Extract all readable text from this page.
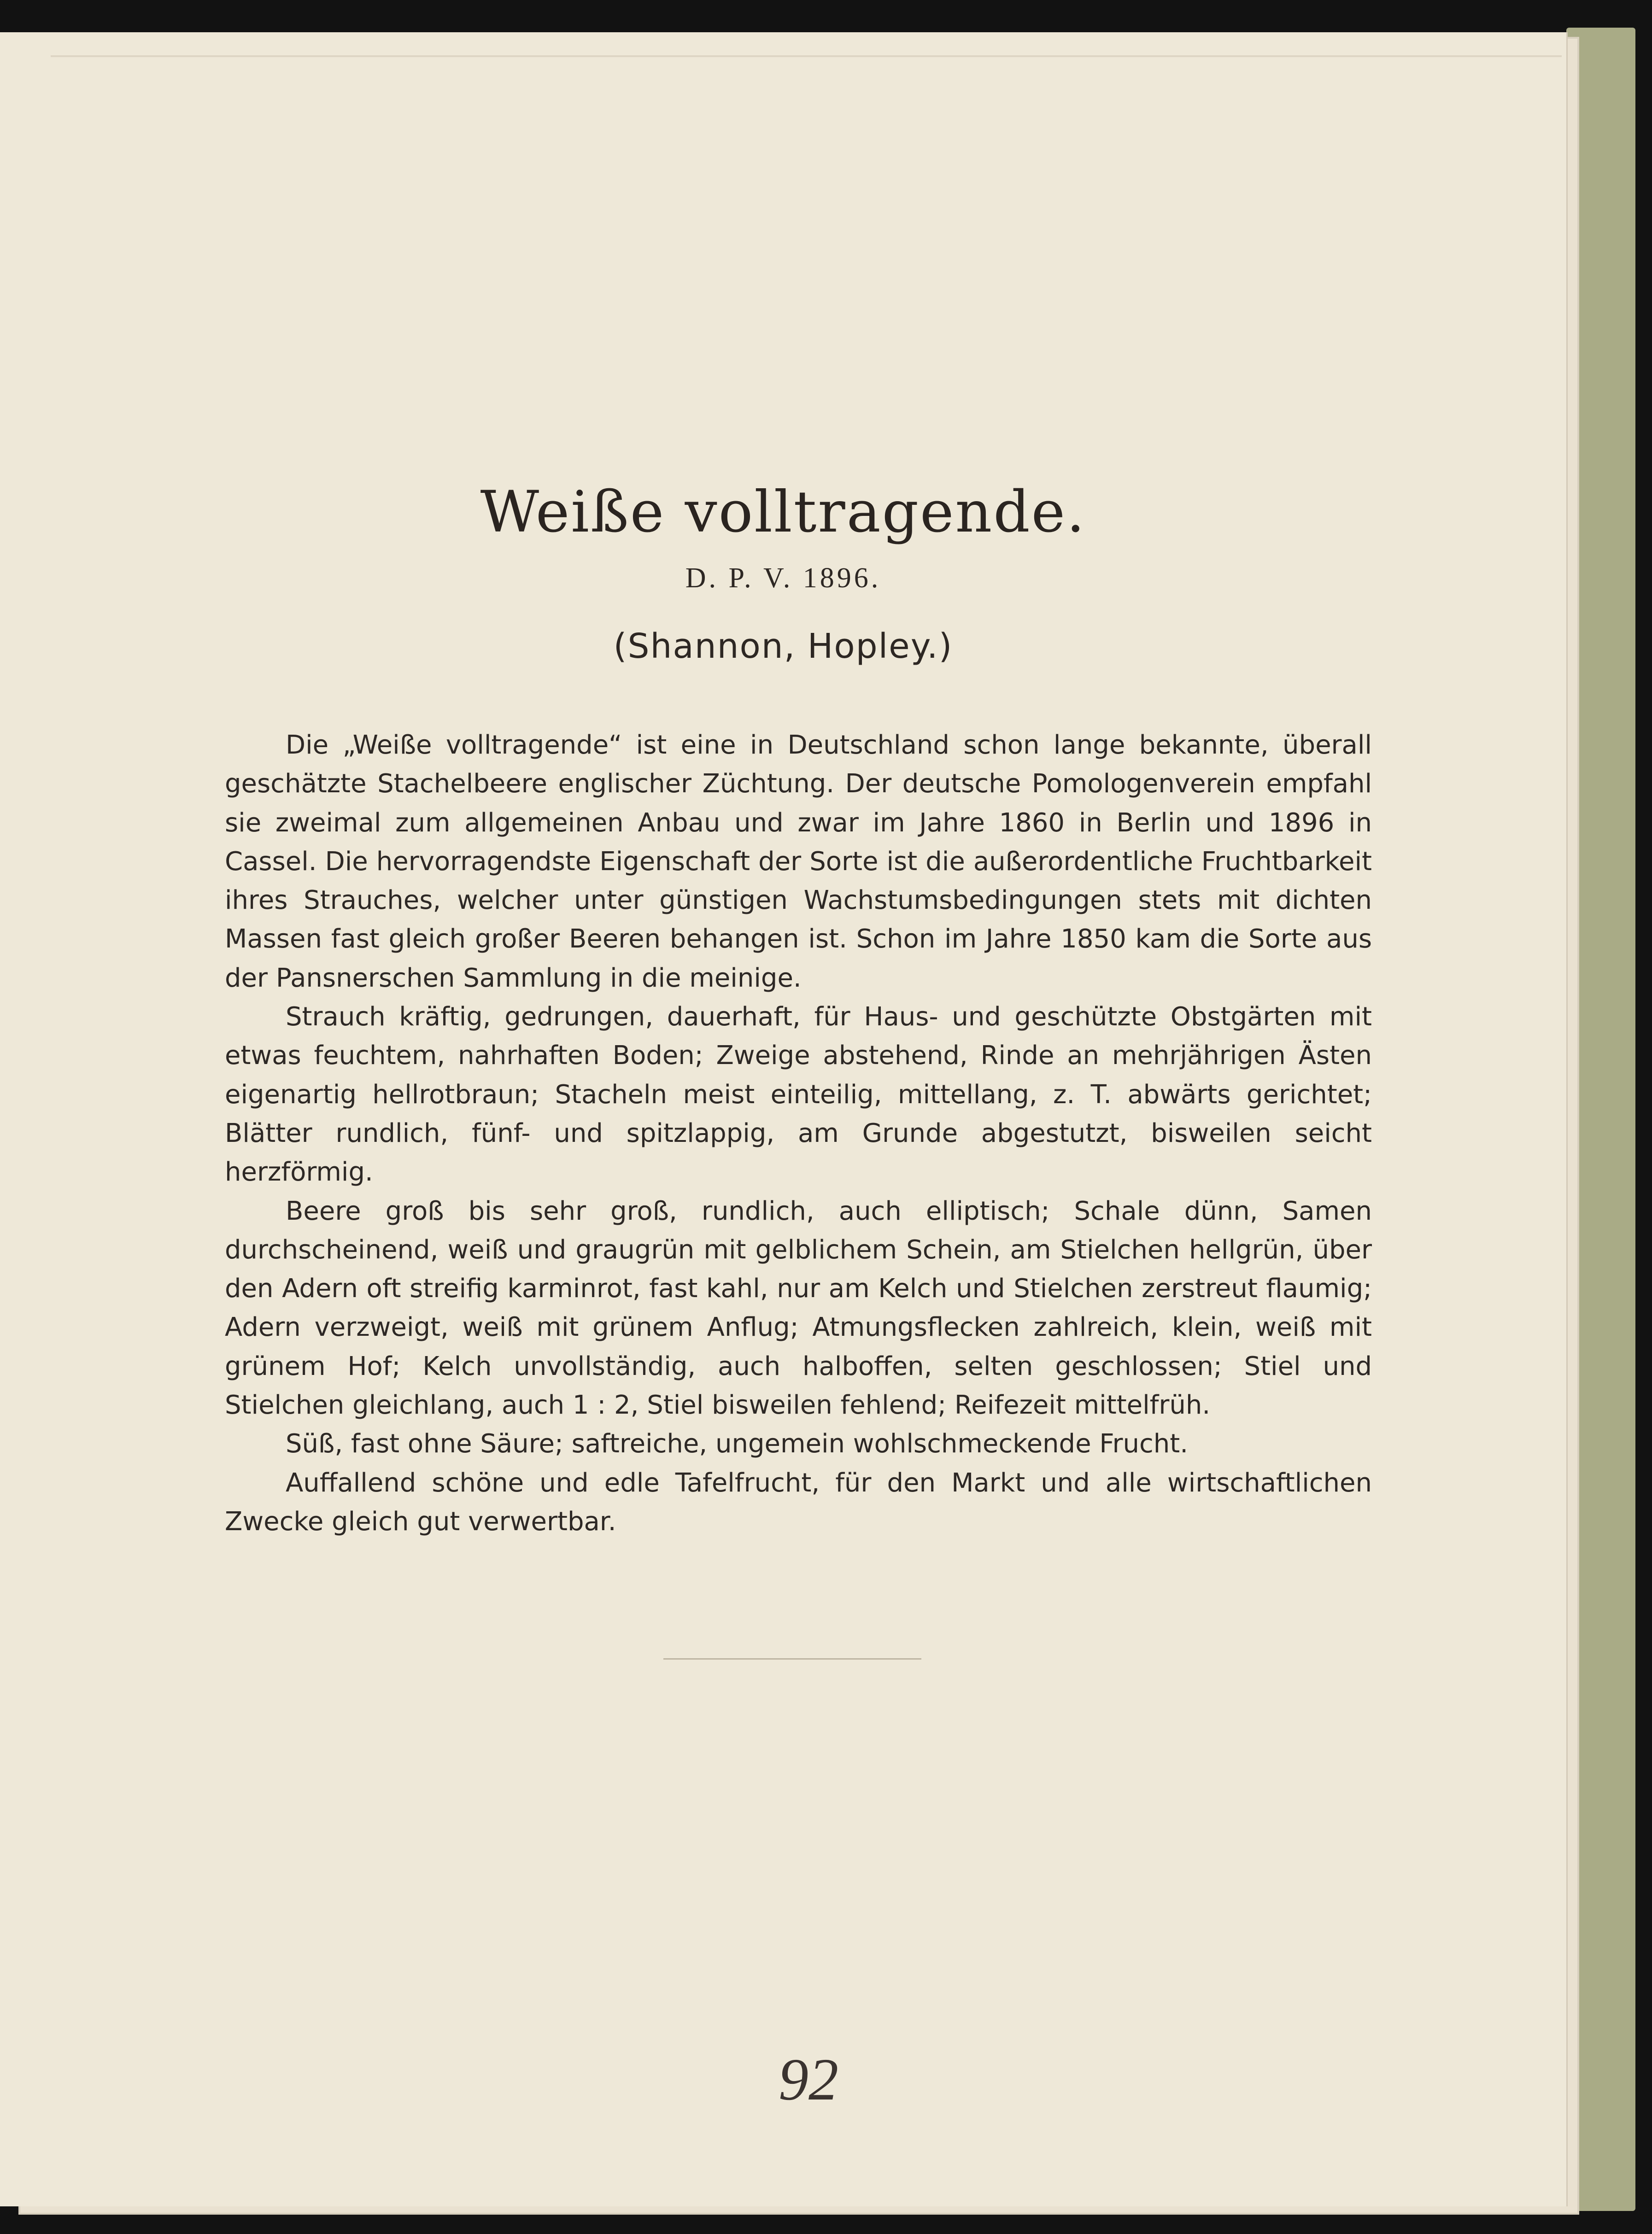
Weiße volltragende.
D. P. V. 1896.
(Shannon, Hopley.)

Die „Weiße volltragende“ ist eine in Deutschland schon lange bekannte, überall geschätzte Stachelbeere englischer Züchtung. Der deutsche Pomologenverein empfahl sie zweimal zum allgemeinen Anbau und zwar im Jahre 1860 in Berlin und 1896 in Cassel. Die hervorragendste Eigenschaft der Sorte ist die außerordentliche Fruchtbarkeit ihres Strauches, welcher unter günstigen Wachstumsbedingungen stets mit dichten Massen fast gleich großer Beeren behangen ist. Schon im Jahre 1850 kam die Sorte aus der Pansnerschen Sammlung in die meinige.

Strauch kräftig, gedrungen, dauerhaft, für Haus- und geschützte Obstgärten mit etwas feuchtem, nahrhaften Boden; Zweige abstehend, Rinde an mehrjährigen Ästen eigenartig hellrotbraun; Stacheln meist einteilig, mittellang, z. T. abwärts gerichtet; Blätter rundlich, fünf- und spitzlappig, am Grunde abgestutzt, bisweilen seicht herzförmig.

Beere groß bis sehr groß, rundlich, auch elliptisch; Schale dünn, Samen durchscheinend, weiß und graugrün mit gelblichem Schein, am Stielchen hellgrün, über den Adern oft streifig karminrot, fast kahl, nur am Kelch und Stielchen zerstreut flaumig; Adern verzweigt, weiß mit grünem Anflug; Atmungsflecken zahlreich, klein, weiß mit grünem Hof; Kelch unvollständig, auch halboffen, selten geschlossen; Stiel und Stielchen gleichlang, auch 1 : 2, Stiel bisweilen fehlend; Reifezeit mittelfrüh.

Süß, fast ohne Säure; saftreiche, ungemein wohlschmeckende Frucht.

Auffallend schöne und edle Tafelfrucht, für den Markt und alle wirtschaftlichen Zwecke gleich gut verwertbar.

92
